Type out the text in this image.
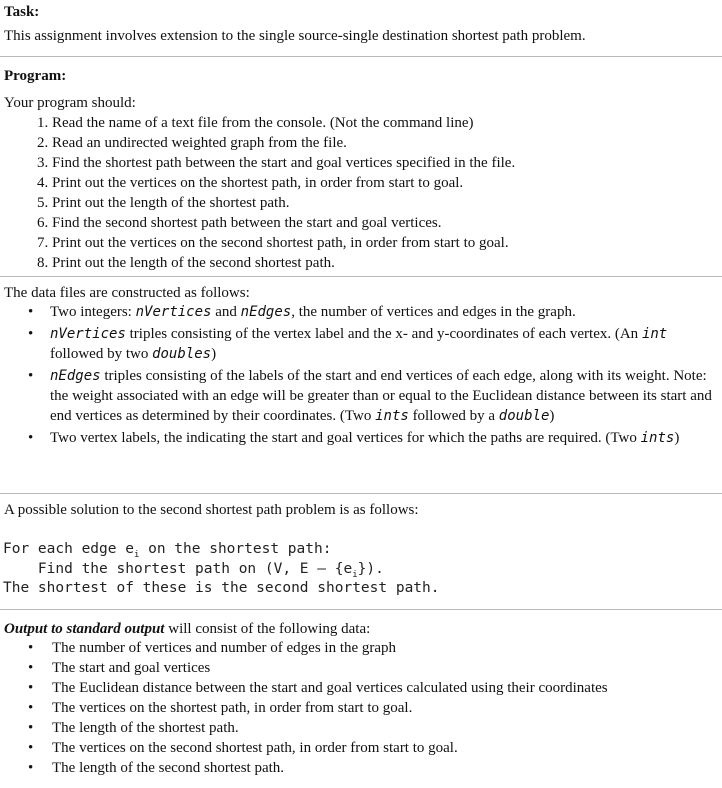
Task:
This assignment involves extension to the single source-single destination shortest path problem.
Program:
Your program should:
1. Read the name of a text file from the console. (Not the command line)
2. Read an undirected weighted graph from the file.
3. Find the shortest path between the start and goal vertices specified in the file.
4. Print out the vertices on the shortest path, in order from start to goal.
5. Print out the length of the shortest path.
6. Find the second shortest path between the start and goal vertices.
7. Print out the vertices on the second shortest path, in order from start to goal.
8. Print out the length of the second shortest path.
The data files are constructed as follows:
• Two integers: nVertices and nEdges, the number of vertices and edges in the graph.
• nVertices triples consisting of the vertex label and the x- and y-coordinates of each vertex. (An int followed by two doubles)
• nEdges triples consisting of the labels of the start and end vertices of each edge, along with its weight. Note: the weight associated with an edge will be greater than or equal to the Euclidean distance between its start and end vertices as determined by their coordinates. (Two ints followed by a double)
• Two vertex labels, the indicating the start and goal vertices for which the paths are required. (Two ints)
A possible solution to the second shortest path problem is as follows:
For each edge $e_i$ on the shortest path:
Find the shortest path on (V, E – $\{e_i\}$).
The shortest of these is the second shortest path.
Output to standard output will consist of the following data:
• The number of vertices and number of edges in the graph
• The start and goal vertices
• The Euclidean distance between the start and goal vertices calculated using their coordinates
• The vertices on the shortest path, in order from start to goal.
• The length of the shortest path.
• The vertices on the second shortest path, in order from start to goal.
• The length of the second shortest path.
